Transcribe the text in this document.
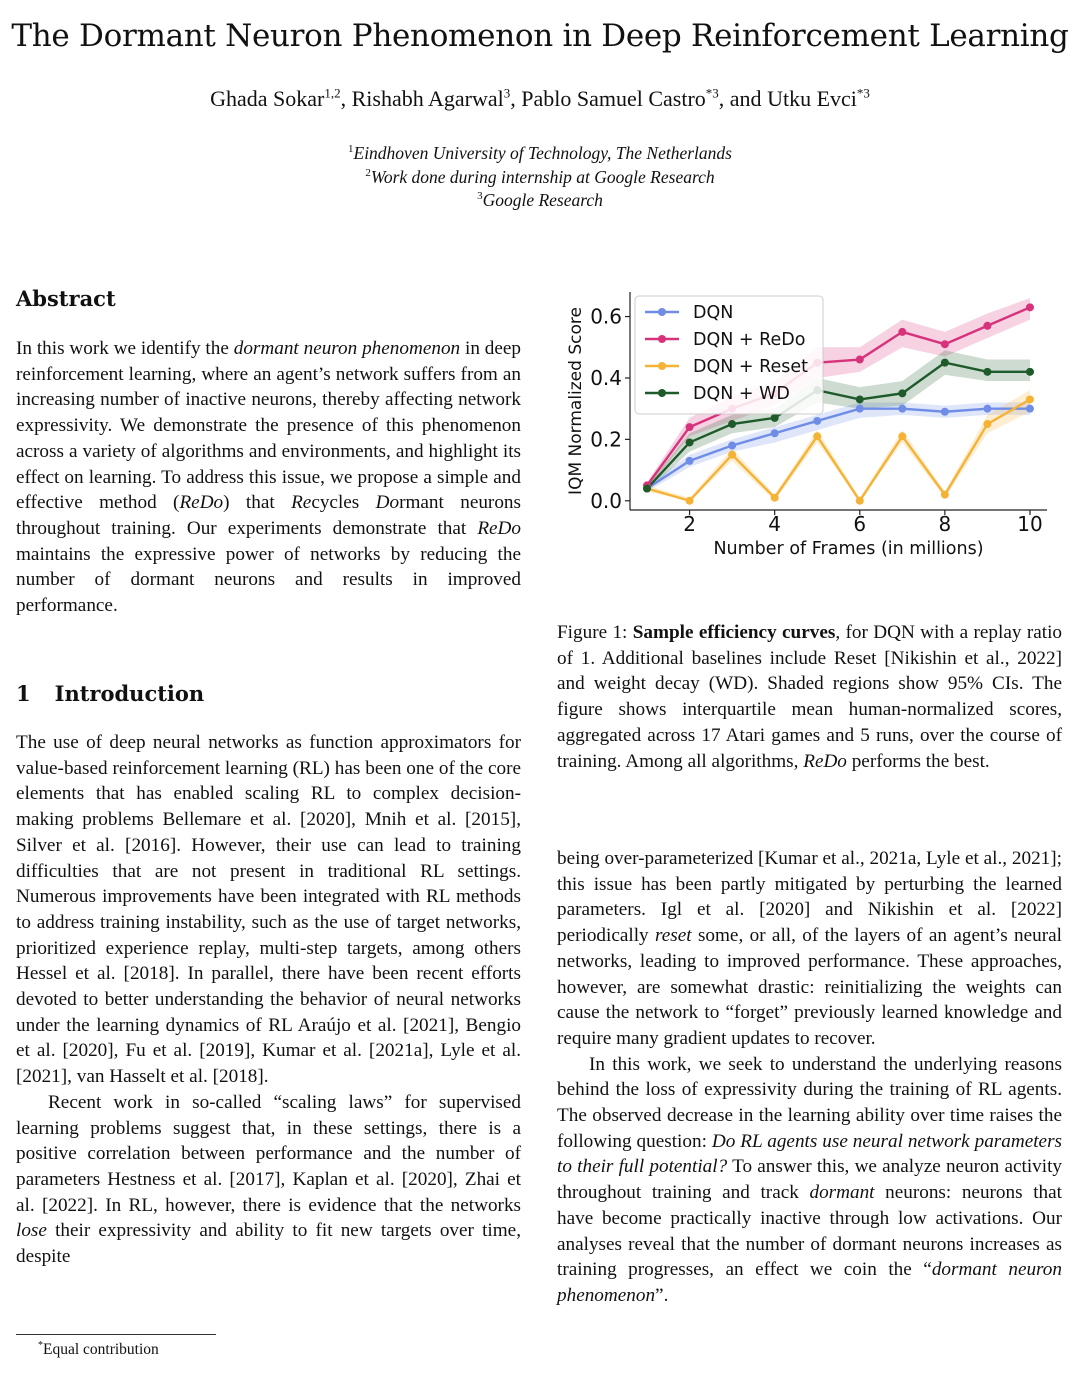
The Dormant Neuron Phenomenon in Deep Reinforcement Learning
Ghada Sokar$^{1,2}$, Rishabh Agarwal$^3$, Pablo Samuel Castro$^{*3}$, and Utku Evci$^{*3}$
$^1$Eindhoven University of Technology, The Netherlands
$^2$Work done during internship at Google Research
$^3$Google Research
Abstract

In this work we identify the dormant neuron phenomenon in deep reinforcement learning, where an agent’s network suffers from an increasing number of inactive neurons, thereby affecting network expressivity. We demonstrate the presence of this phenomenon across a variety of algorithms and environments, and highlight its effect on learning. To address this issue, we propose a simple and effective method (ReDo) that Recycles Dormant neurons throughout training. Our experiments demonstrate that ReDo maintains the expressive power of networks by reducing the number of dormant neurons and results in improved performance.

1 Introduction

The use of deep neural networks as function approximators for value-based reinforcement learning (RL) has been one of the core elements that has enabled scaling RL to complex decision-making problems Bellemare et al. [2020], Mnih et al. [2015], Silver et al. [2016]. However, their use can lead to training difficulties that are not present in traditional RL settings. Numerous improvements have been integrated with RL methods to address training instability, such as the use of target networks, prioritized experience replay, multi-step targets, among others Hessel et al. [2018]. In parallel, there have been recent efforts devoted to better understanding the behavior of neural networks under the learning dynamics of RL Araújo et al. [2021], Bengio et al. [2020], Fu et al. [2019], Kumar et al. [2021a], Lyle et al. [2021], van Hasselt et al. [2018].

Recent work in so-called “scaling laws” for supervised learning problems suggest that, in these settings, there is a positive correlation between performance and the number of parameters Hestness et al. [2017], Kaplan et al. [2020], Zhai et al. [2022]. In RL, however, there is evidence that the networks lose their expressivity and ability to fit new targets over time, despite

*Equal contribution
2	4	6	8	10
0.0
0.2
0.4
0.6
Number of Frames (in millions)
IQM Normalized Score	DQN
DQN + ReDo
DQN + Reset
DQN + WD

Figure 1: Sample efficiency curves, for DQN with a replay ratio of 1. Additional baselines include Reset [Nikishin et al., 2022] and weight decay (WD). Shaded regions show 95% CIs. The figure shows interquartile mean human-normalized scores, aggregated across 17 Atari games and 5 runs, over the course of training. Among all algorithms, ReDo performs the best.

being over-parameterized [Kumar et al., 2021a, Lyle et al., 2021]; this issue has been partly mitigated by perturbing the learned parameters. Igl et al. [2020] and Nikishin et al. [2022] periodically reset some, or all, of the layers of an agent’s neural networks, leading to improved performance. These approaches, however, are somewhat drastic: reinitializing the weights can cause the network to “forget” previously learned knowledge and require many gradient updates to recover.

In this work, we seek to understand the underlying reasons behind the loss of expressivity during the training of RL agents. The observed decrease in the learning ability over time raises the following question: Do RL agents use neural network parameters to their full potential? To answer this, we analyze neuron activity throughout training and track dormant neurons: neurons that have become practically inactive through low activations. Our analyses reveal that the number of dormant neurons increases as training progresses, an effect we coin the “dormant neuron phenomenon”.
